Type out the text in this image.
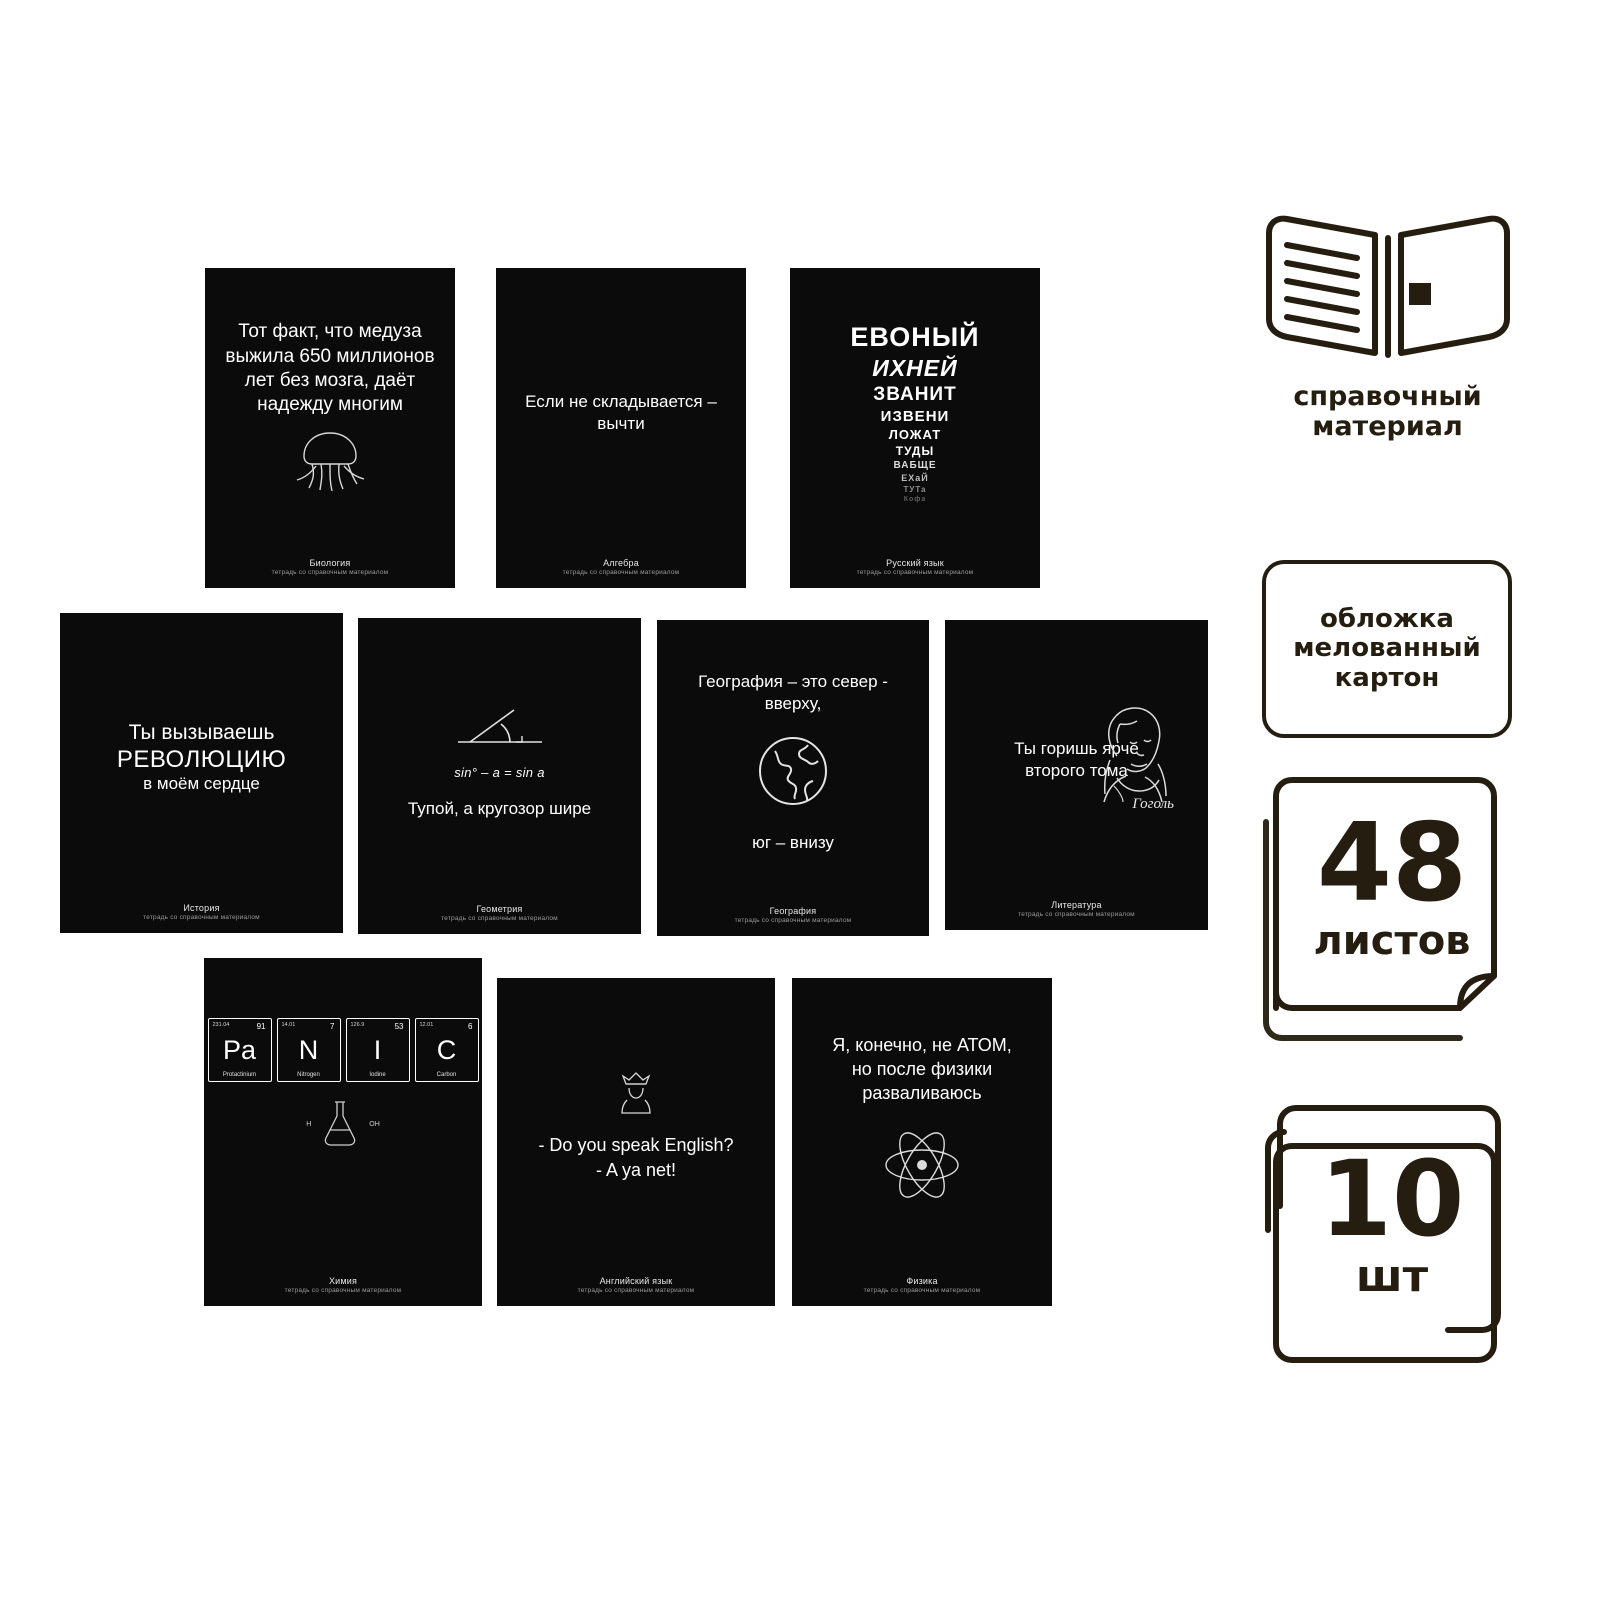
Тот факт, что медуза выжила 650 миллионов лет без мозга, даёт надежду многим
Биология
тетрадь со справочным материалом
Если не складывается – вычти
Алгебра
тетрадь со справочным материалом
ЕВОНЫЙ
ИХНЕЙ
ЗВАНИТ
ИЗВЕНИ
ЛОЖАТ
ТУДЫ
ВАБЩЕ
ЕХаЙ
ТУТа
Кофа
Русский язык
тетрадь со справочным материалом
Ты вызываешь
РЕВОЛЮЦИЮ
в моём сердце
История
тетрадь со справочным материалом
sin° – a = sin a
Тупой, а кругозор шире
Геометрия
тетрадь со справочным материалом
География – это север - вверху,
юг – внизу
География
тетрадь со справочным материалом
Ты горишь ярче
второго тома
Гоголь
Литература
тетрадь со справочным материалом
231.04	91
Pa
Protactinium
14.01	7
N
Nitrogen
126.9	53
I
Iodine
12.01	6
C
Carbon
H	OH
Химия
тетрадь со справочным материалом
- Do you speak English?
- A ya net!
Английский язык
тетрадь со справочным материалом
Я, конечно, не АТОМ,
но после физики
разваливаюсь
Физика
тетрадь со справочным материалом
справочный
материал
обложка
мелованный
картон
48
листов
10
шт
